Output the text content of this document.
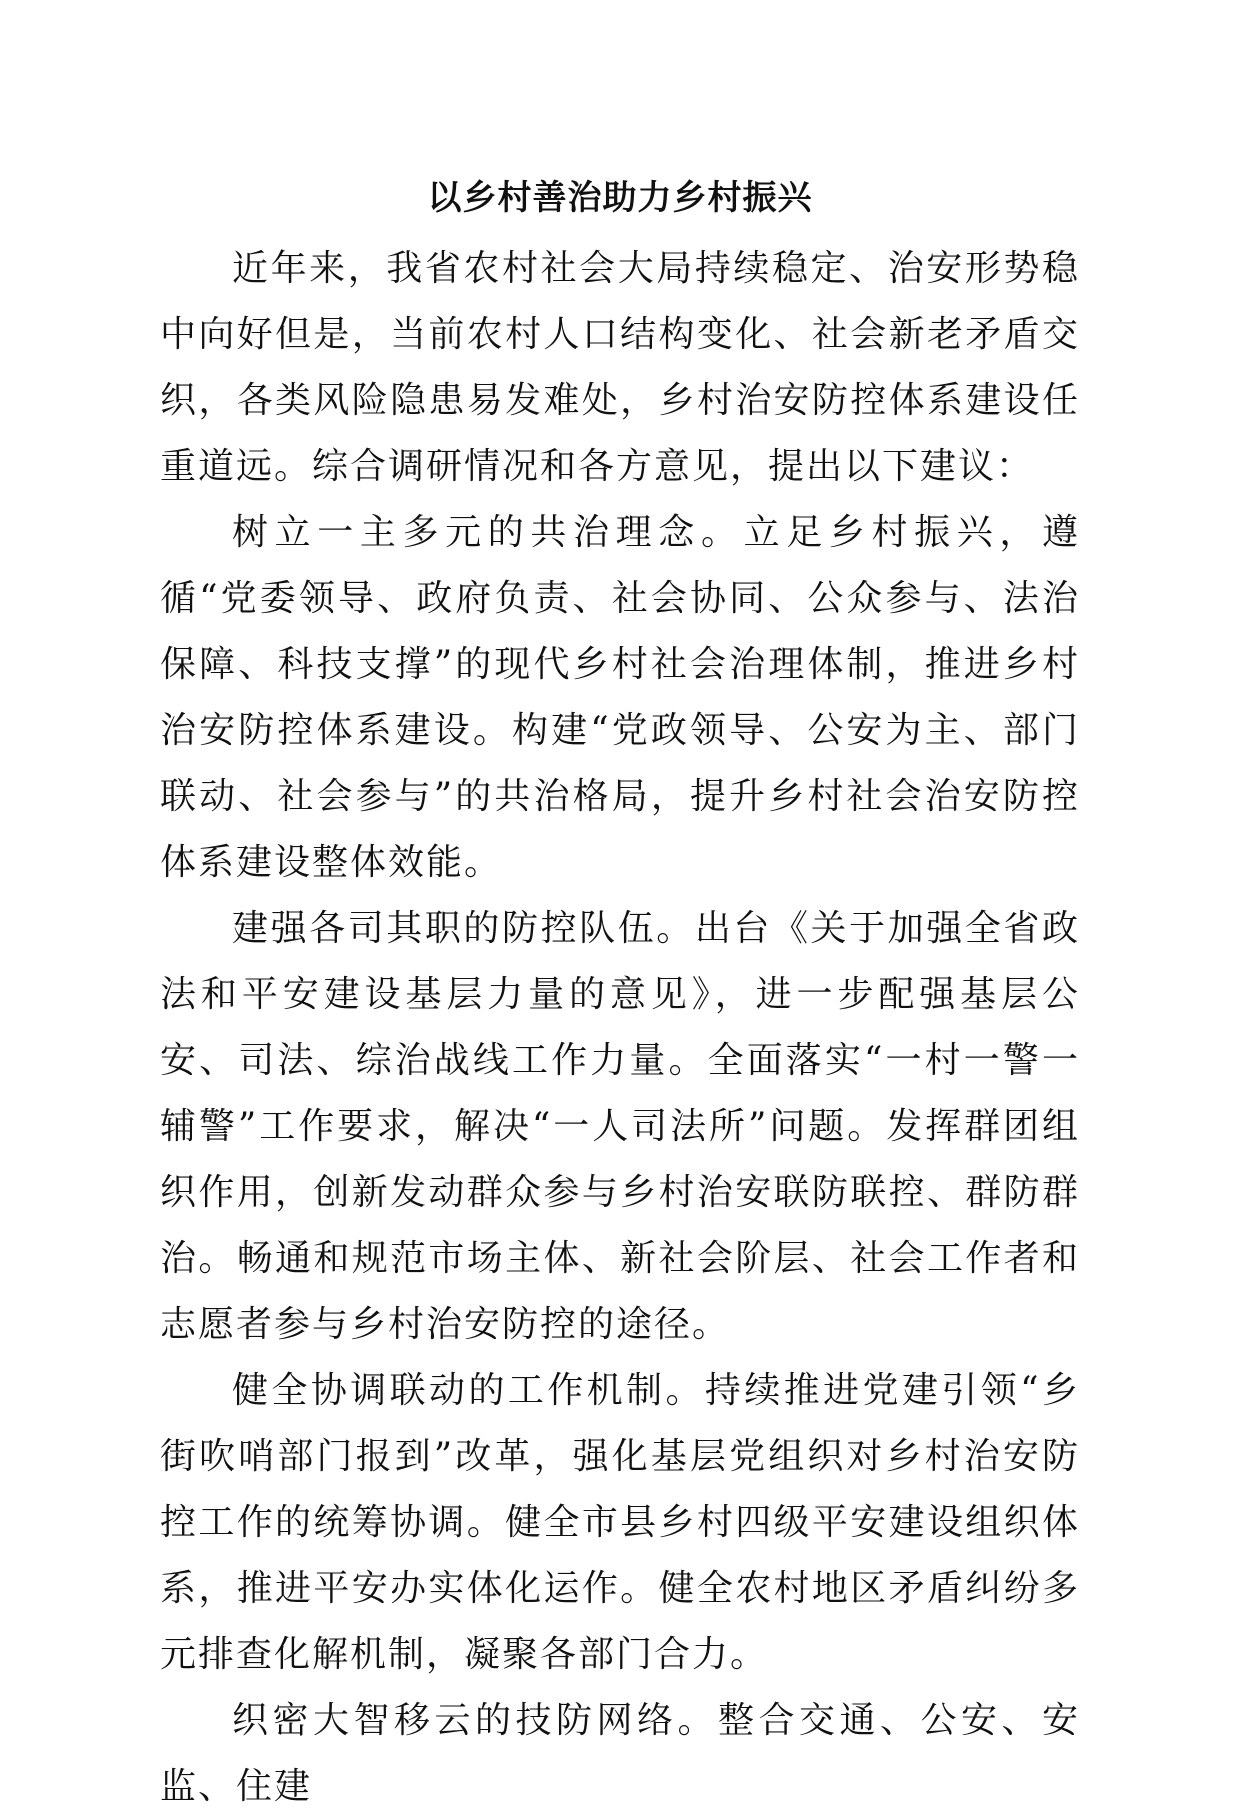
以乡村善治助力乡村振兴

近年来，我省农村社会大局持续稳定、治安形势稳中向好但是，当前农村人口结构变化、社会新老矛盾交织，各类风险隐患易发难处，乡村治安防控体系建设任重道远。综合调研情况和各方意见，提出以下建议：

树立一主多元的共治理念。立足乡村振兴，遵循“党委领导、政府负责、社会协同、公众参与、法治保障、科技支撑”的现代乡村社会治理体制，推进乡村治安防控体系建设。构建“党政领导、公安为主、部门联动、社会参与”的共治格局，提升乡村社会治安防控体系建设整体效能。

建强各司其职的防控队伍。出台《关于加强全省政法和平安建设基层力量的意见》，进一步配强基层公安、司法、综治战线工作力量。全面落实“一村一警一辅警”工作要求，解决“一人司法所”问题。发挥群团组织作用，创新发动群众参与乡村治安联防联控、群防群治。畅通和规范市场主体、新社会阶层、社会工作者和志愿者参与乡村治安防控的途径。

健全协调联动的工作机制。持续推进党建引领“乡街吹哨部门报到”改革，强化基层党组织对乡村治安防控工作的统筹协调。健全市县乡村四级平安建设组织体系，推进平安办实体化运作。健全农村地区矛盾纠纷多元排查化解机制，凝聚各部门合力。

织密大智移云的技防网络。整合交通、公安、安监、住建
